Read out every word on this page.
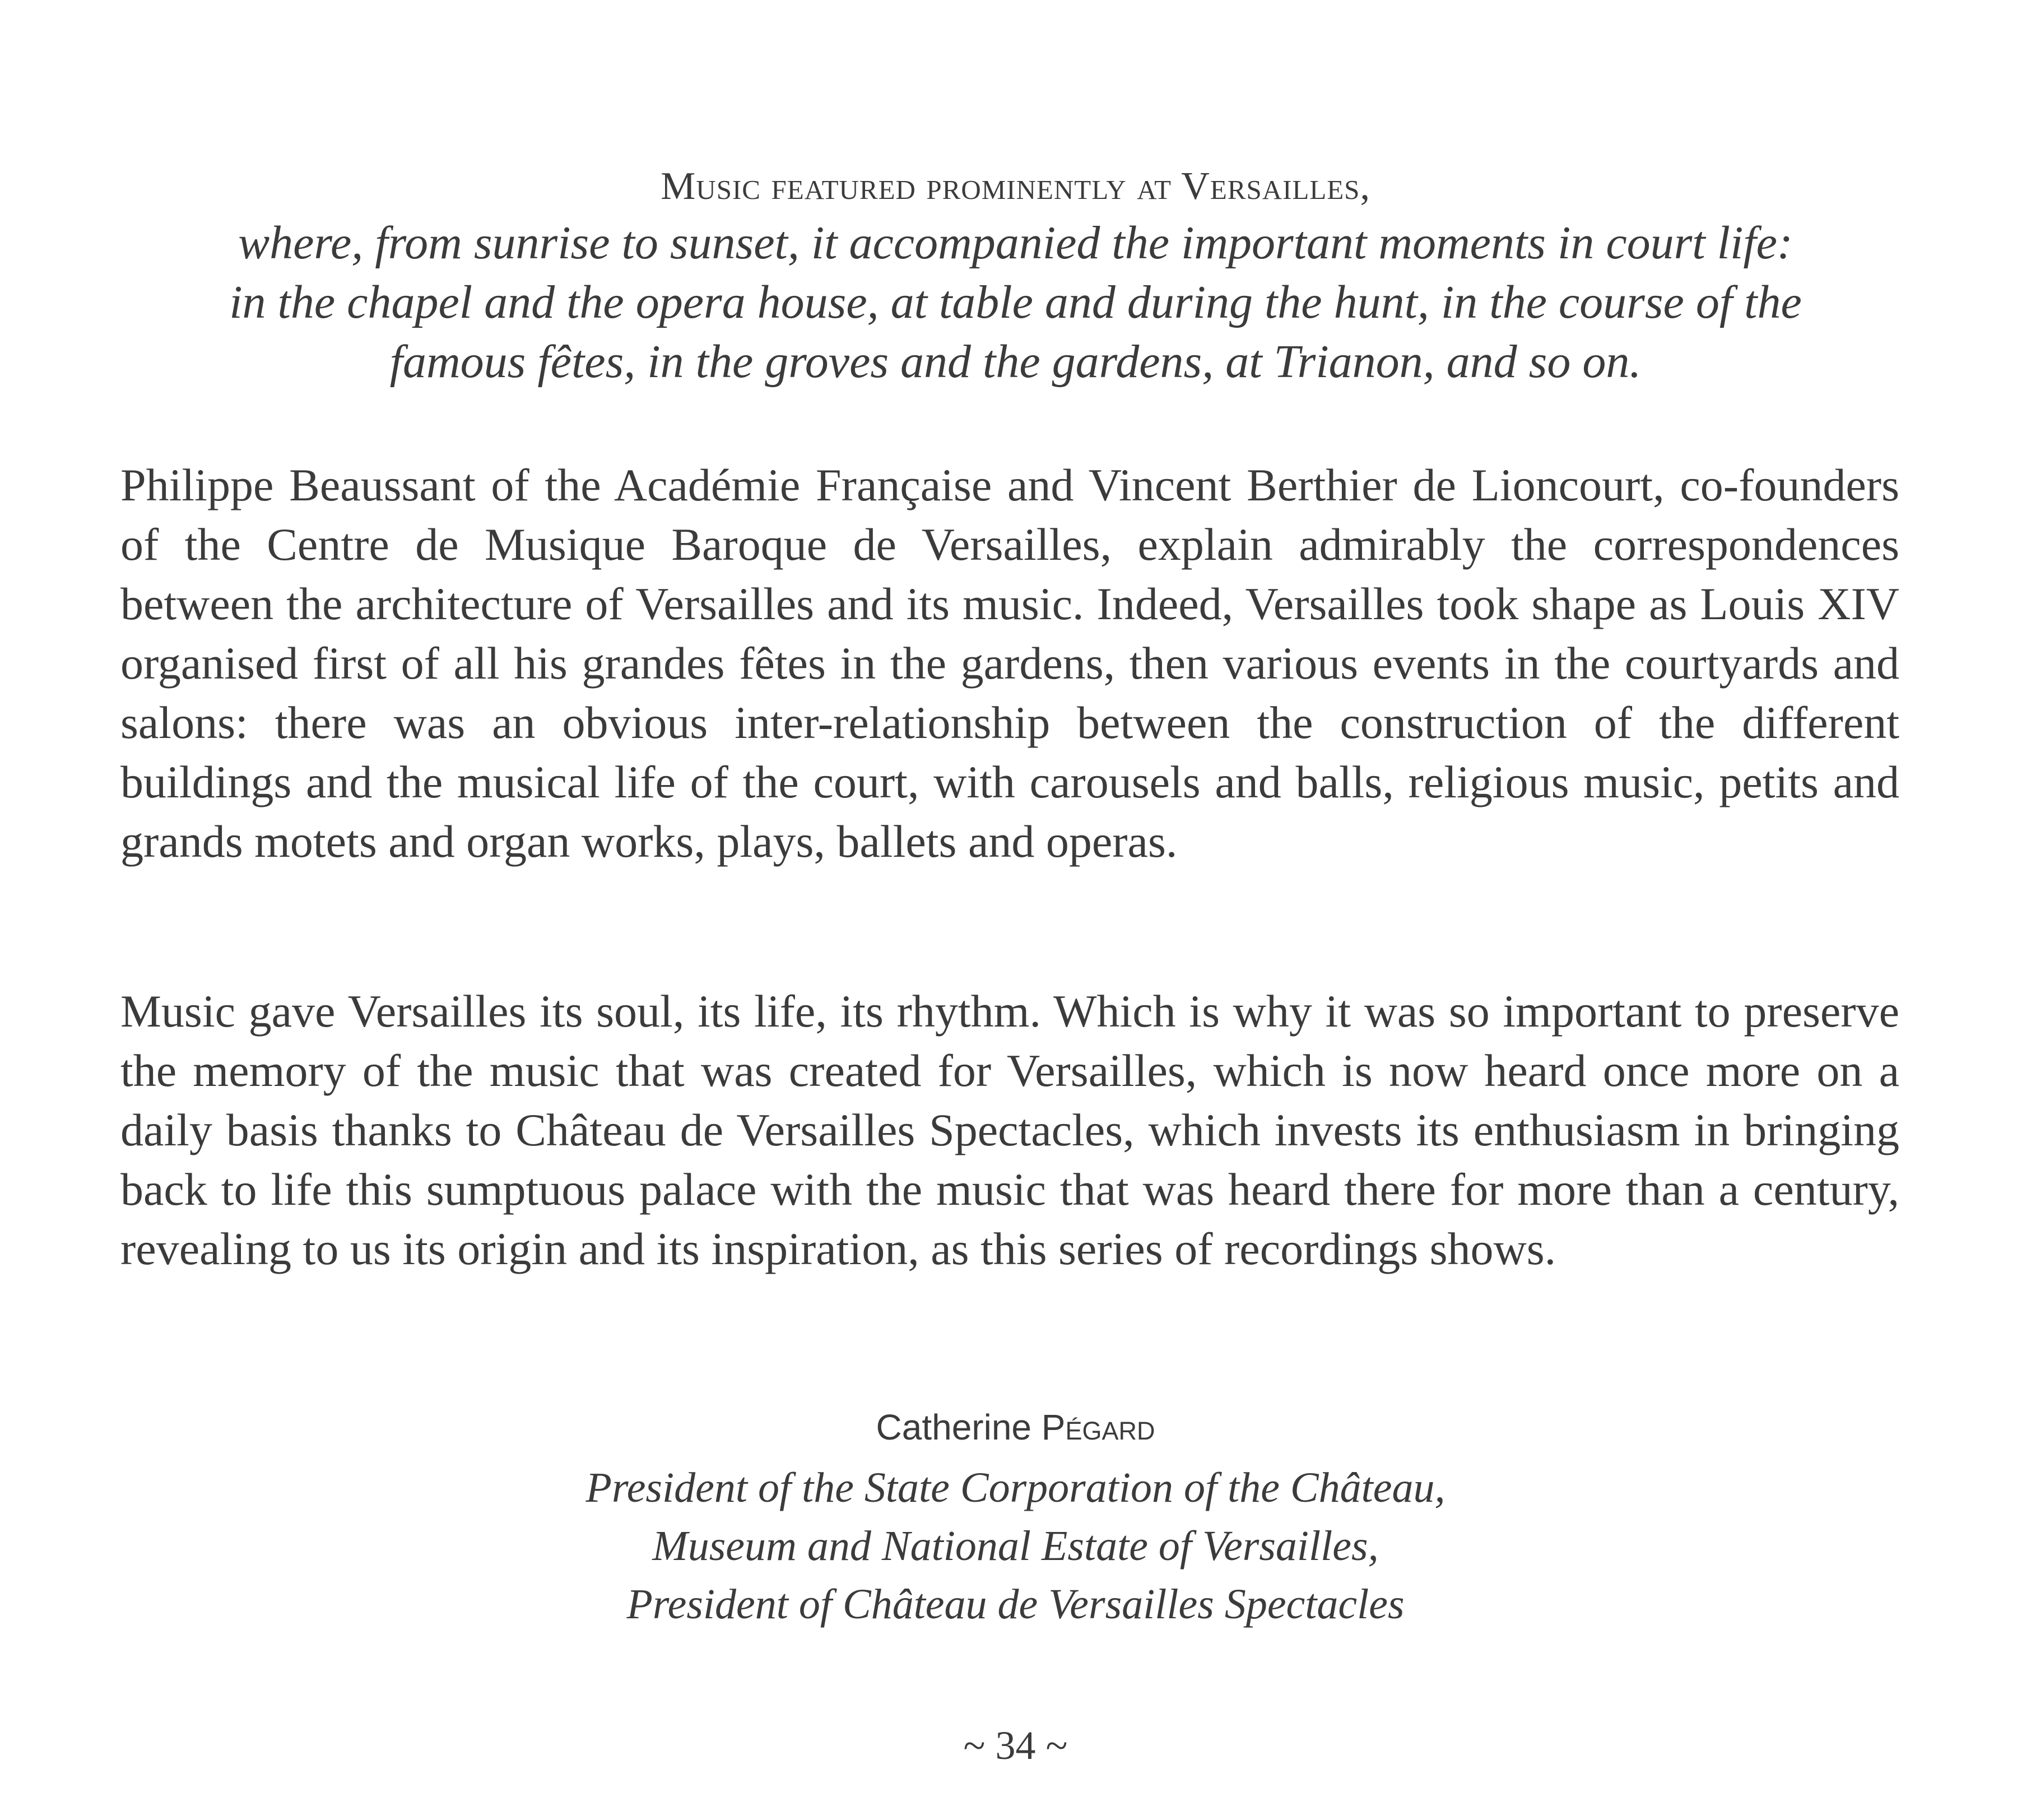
Music featured prominently at Versailles,

where, from sunrise to sunset, it accompanied the important moments in court life:

in the chapel and the opera house, at table and during the hunt, in the course of the

famous fêtes, in the groves and the gardens, at Trianon, and so on.

Philippe Beaussant of the Académie Française and Vincent Berthier de Lioncourt, co-founders of the Centre de Musique Baroque de Versailles, explain admirably the correspondences between the architecture of Versailles and its music. Indeed, Versailles took shape as Louis XIV organised first of all his grandes fêtes in the gardens, then various events in the courtyards and salons: there was an obvious inter-relationship between the construction of the different buildings and the musical life of the court, with carousels and balls, religious music, petits and grands motets and organ works, plays, ballets and operas.

Music gave Versailles its soul, its life, its rhythm. Which is why it was so important to preserve the memory of the music that was created for Versailles, which is now heard once more on a daily basis thanks to Château de Versailles Spectacles, which invests its enthusiasm in bringing back to life this sumptuous palace with the music that was heard there for more than a century, revealing to us its origin and its inspiration, as this series of recordings shows.

Catherine Pégard

President of the State Corporation of the Château,

Museum and National Estate of Versailles,

President of Château de Versailles Spectacles

~ 34 ~
